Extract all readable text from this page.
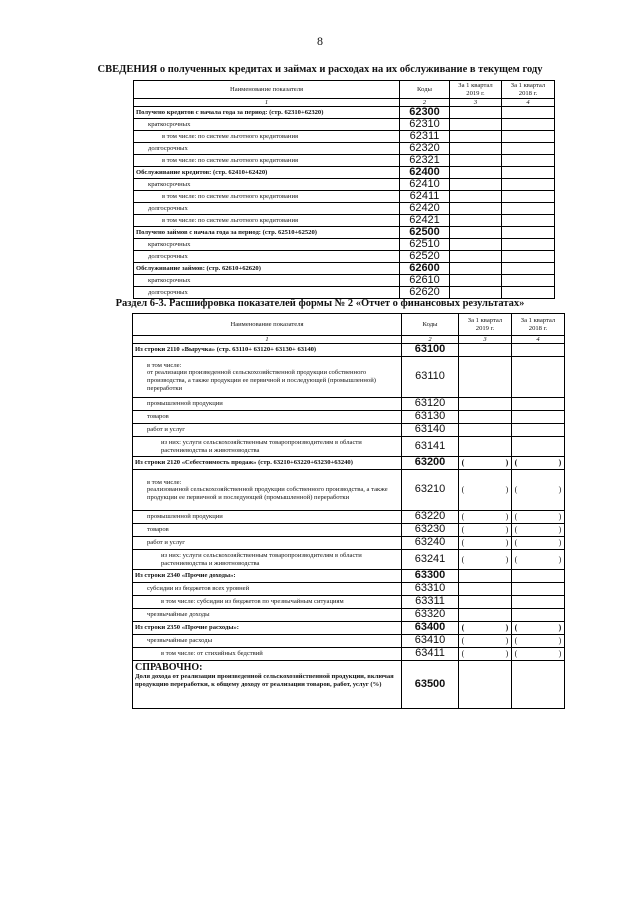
8
СВЕДЕНИЯ о полученных кредитах и займах и расходах на их обслуживание в текущем году
Наименование показателя	Коды	За 1 квартал 2019 г.	За 1 квартал 2018 г.
1	2	3	4
Получено кредитов с начала года за период: (стр. 62310+62320)	62300		
краткосрочных	62310		
в том числе: по системе льготного кредитования	62311		
долгосрочных	62320		
в том числе: по системе льготного кредитования	62321		
Обслуживание кредитов: (стр. 62410+62420)	62400		
краткосрочных	62410		
в том числе: по системе льготного кредитования	62411		
долгосрочных	62420		
в том числе: по системе льготного кредитования	62421		
Получено займов с начала года за период: (стр. 62510+62520)	62500		
краткосрочных	62510		
долгосрочных	62520		
Обслуживание займов: (стр. 62610+62620)	62600		
краткосрочных	62610		
долгосрочных	62620		
Раздел 6-3. Расшифровка показателей формы № 2 «Отчет о финансовых результатах»
Наименование показателя	Коды	За 1 квартал 2019 г.	За 1 квартал 2018 г.
1	2	3	4
Из строки 2110 «Выручка» (стр. 63110+ 63120+ 63130+ 63140)	63100		
в том числе:
от реализации произведенной сельскохозяйственной продукции собственного производства, а также продукции ее первичной и последующей (промышленной) переработки	63110		
промышленной продукции	63120		
товаров	63130		
работ и услуг	63140		
из них: услуги сельскохозяйственным товаропроизводителям в области растениеводства и животноводства	63141		
Из строки 2120 «Себестоимость продаж» (стр. 63210+63220+63230+63240)	63200	( )	( )
в том числе:
реализованной сельскохозяйственной продукции собственного производства, а также продукции ее первичной и последующей (промышленной) переработки	63210	( )	( )
промышленной продукции	63220	( )	( )
товаров	63230	( )	( )
работ и услуг	63240	( )	( )
из них: услуги сельскохозяйственным товаропроизводителям в области растениеводства и животноводства	63241	( )	( )
Из строки 2340 «Прочие доходы»:	63300		
субсидии из бюджетов всех уровней	63310		
в том числе: субсидии из бюджетов по чрезвычайным ситуациям	63311		
чрезвычайные доходы	63320		
Из строки 2350 «Прочие расходы»:	63400	( )	( )
чрезвычайные расходы	63410	( )	( )
в том числе: от стихийных бедствий	63411	( )	( )

СПРАВОЧНО:
Доля дохода от реализации произведенной сельскохозяйственной продукции, включая продукцию переработки, к общему доходу от реализации товаров, работ, услуг (%)	63500		
